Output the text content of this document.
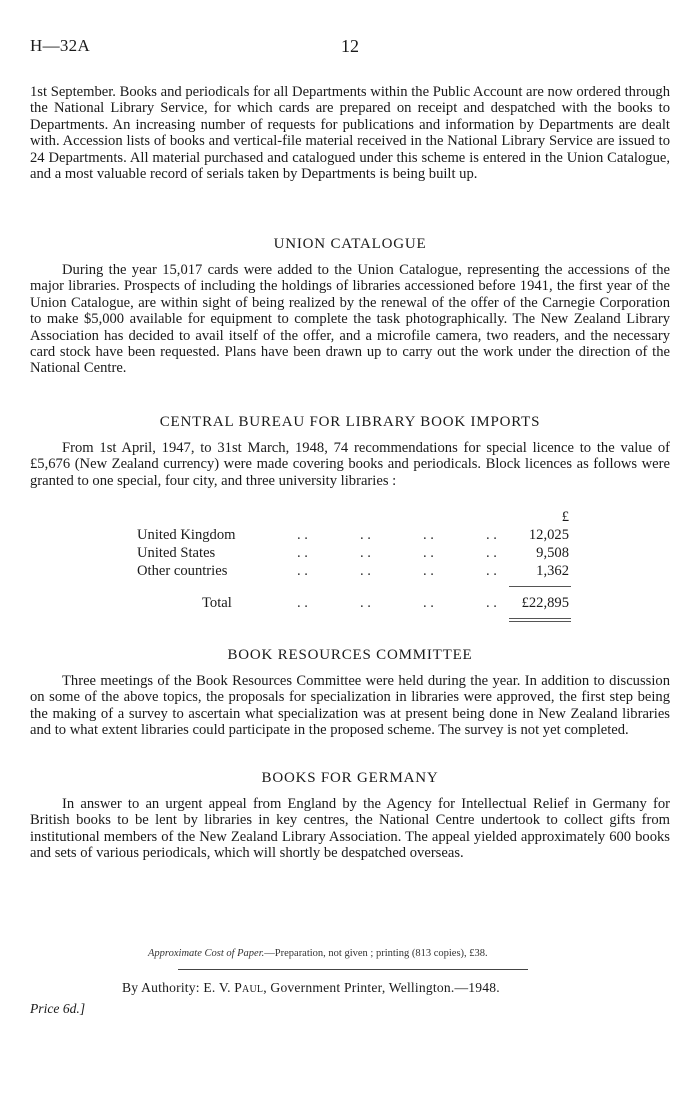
H—32A	12

1st September. Books and periodicals for all Departments within the Public Account are now ordered through the National Library Service, for which cards are prepared on receipt and despatched with the books to Departments. An increasing number of requests for publications and information by Departments are dealt with. Accession lists of books and vertical-file material received in the National Library Service are issued to 24 Departments. All material purchased and catalogued under this scheme is entered in the Union Catalogue, and a most valuable record of serials taken by Departments is being built up.

UNION CATALOGUE

During the year 15,017 cards were added to the Union Catalogue, representing the accessions of the major libraries. Prospects of including the holdings of libraries accessioned before 1941, the first year of the Union Catalogue, are within sight of being realized by the renewal of the offer of the Carnegie Corporation to make $5,000 available for equipment to complete the task photographically. The New Zealand Library Association has decided to avail itself of the offer, and a microfile camera, two readers, and the necessary card stock have been requested. Plans have been drawn up to carry out the work under the direction of the National Centre.

CENTRAL BUREAU FOR LIBRARY BOOK IMPORTS

From 1st April, 1947, to 31st March, 1948, 74 recommendations for special licence to the value of £5,676 (New Zealand currency) were made covering books and periodicals. Block licences as follows were granted to one special, four city, and three university libraries :

£
United Kingdom	. .	. .	. .	. .	12,025
United States	. .	. .	. .	. .	9,508
Other countries	. .	. .	. .	. .	1,362
Total	. .	. .	. .	. .	£22,895
BOOK RESOURCES COMMITTEE

Three meetings of the Book Resources Committee were held during the year. In addition to discussion on some of the above topics, the proposals for specialization in libraries were approved, the first step being the making of a survey to ascertain what specialization was at present being done in New Zealand libraries and to what extent libraries could participate in the proposed scheme. The survey is not yet completed.

BOOKS FOR GERMANY

In answer to an urgent appeal from England by the Agency for Intellectual Relief in Germany for British books to be lent by libraries in key centres, the National Centre undertook to collect gifts from institutional members of the New Zealand Library Association. The appeal yielded approximately 600 books and sets of various periodicals, which will shortly be despatched overseas.

Approximate Cost of Paper.—Preparation, not given ; printing (813 copies), £38.
By Authority: E. V. Paul, Government Printer, Wellington.—1948.
Price 6d.]
